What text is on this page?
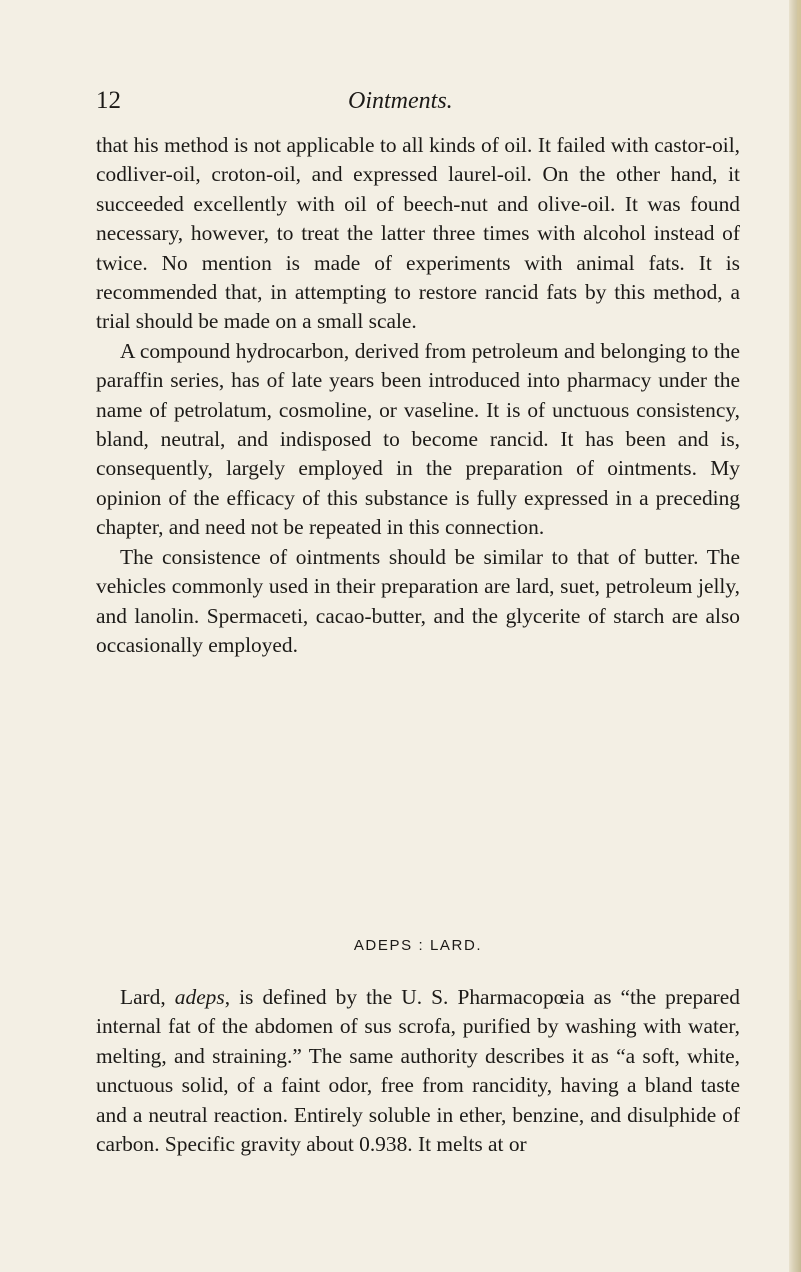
12	Ointments.

that his method is not applicable to all kinds of oil. It failed with castor-oil, codliver-oil, croton-oil, and expressed laurel-oil. On the other hand, it succeeded excellently with oil of beech-nut and olive-oil. It was found necessary, however, to treat the latter three times with alcohol instead of twice. No mention is made of experiments with animal fats. It is recommended that, in attempting to restore rancid fats by this method, a trial should be made on a small scale.

A compound hydrocarbon, derived from petroleum and belonging to the paraffin series, has of late years been introduced into pharmacy under the name of petrolatum, cosmoline, or vaseline. It is of unctuous consistency, bland, neutral, and indisposed to become rancid. It has been and is, consequently, largely employed in the preparation of ointments. My opinion of the efficacy of this substance is fully expressed in a preceding chapter, and need not be repeated in this connection.

The consistence of ointments should be similar to that of butter. The vehicles commonly used in their preparation are lard, suet, petroleum jelly, and lanolin. Spermaceti, cacao-butter, and the glycerite of starch are also occasionally employed.

ADEPS : LARD.

Lard, adeps, is defined by the U. S. Pharmacopœia as “the prepared internal fat of the abdomen of sus scrofa, purified by washing with water, melting, and straining.” The same authority describes it as “a soft, white, unctuous solid, of a faint odor, free from rancidity, having a bland taste and a neutral reaction. Entirely soluble in ether, benzine, and disulphide of carbon. Specific gravity about 0.938. It melts at or
